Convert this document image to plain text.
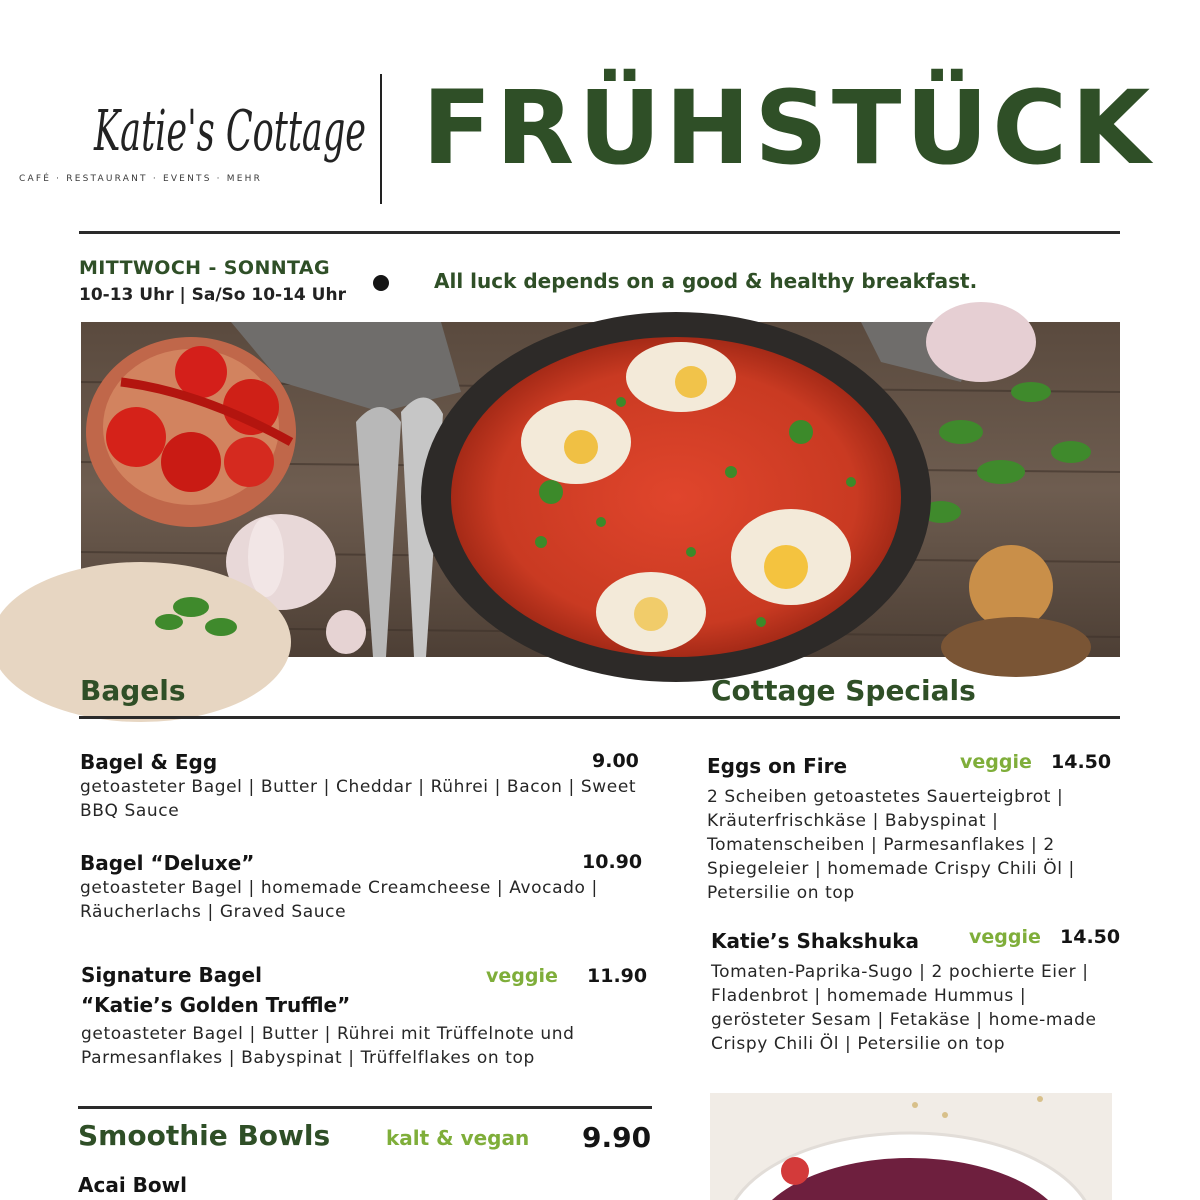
Katie's Cottage
CAFÉ · RESTAURANT · EVENTS · MEHR FRÜHSTÜCK
MITTWOCH - SONNTAG
10-13 Uhr | Sa/So 10-14 Uhr
All luck depends on a good & healthy breakfast.
Bagels	Cottage Specials
Bagel & Egg	9.00
getoasteter Bagel | Butter | Cheddar | Rührei | Bacon | Sweet BBQ Sauce
Bagel “Deluxe”	10.90
getoasteter Bagel | homemade Creamcheese | Avocado | Räucherlachs | Graved Sauce
Signature Bagel	veggie 11.90
“Katie’s Golden Truffle”
getoasteter Bagel | Butter | Rührei mit Trüffelnote und Parmesanflakes | Babyspinat | Trüffelflakes on top
Eggs on Fire	veggie 14.50
2 Scheiben getoastetes Sauerteigbrot | Kräuterfrischkäse | Babyspinat | Tomatenscheiben | Parmesanflakes | 2 Spiegeleier | homemade Crispy Chili Öl | Petersilie on top
Katie’s Shakshuka	veggie 14.50
Tomaten-Paprika-Sugo | 2 pochierte Eier | Fladenbrot | homemade Hummus | gerösteter Sesam | Fetakäse | home-made Crispy Chili Öl | Petersilie on top
Smoothie Bowls	kalt & vegan 9.90
Acai Bowl
